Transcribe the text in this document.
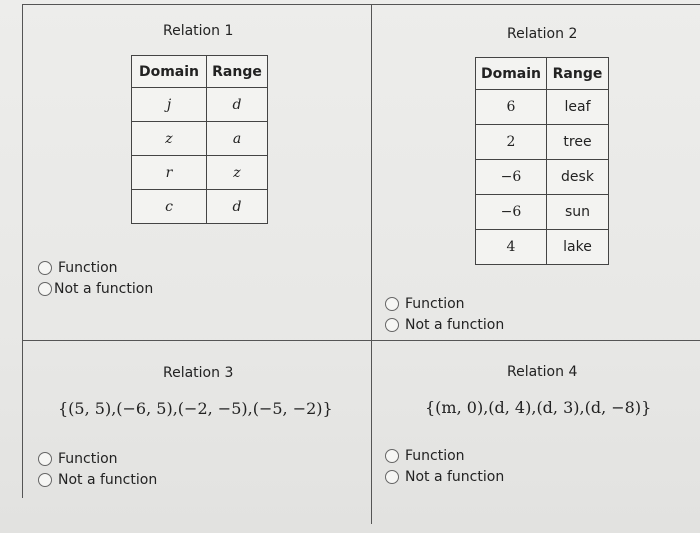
Relation 1
Domain	Range
j	d
z	a
r	z
c	d
Function
Not a function
Relation 2
Domain	Range
6	leaf
2	tree
−6	desk
−6	sun
4	lake
Function
Not a function
Relation 3
{(5, 5),(−6, 5),(−2, −5),(−5, −2)}
Function
Not a function
Relation 4
{(m, 0),(d, 4),(d, 3),(d, −8)}
Function
Not a function
